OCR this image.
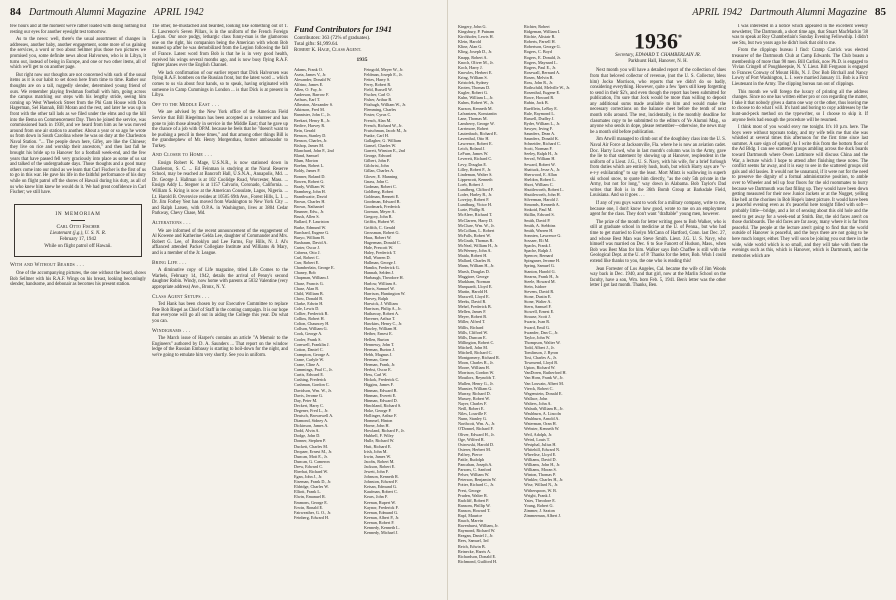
84 Dartmouth Alumni Magazine APRIL 1942

few hours and at the moment we're rather loaded with doing nothing but resting our eyes for another eyesight test tomorrow.

As to the news: well, there's the usual assortment of changes in addresses, another baby, another engagement, some more of us gaining the services, a word or two about Sellmer plus those two pictures we promised you, some definite news about Halvorsen, who is in Libya, it turns out, instead of being in Europe, and one or two other items, all of which we'll get to on another page.

But right now our thoughts are not concerned with such of the usual items as it is our habit to set down here from time to time. Rather our thoughts are on a tall, ruggedly slender, determined young friend of ours. We remember playing freshman football with him, going across the campus matching our steps with his lengthy stride, seeing him coming up West Wheelock Street from the Phi Gam House with Don Hagerman, Sel Hannah, Bill Moran and the rest, and later he was up in front with the other tall lads as we filed under the elms and up the hill into the Bema on Commencement Day. Then he joined the service, was commissioned back in 1938, and we heard from him as he was moved around from one air station to another. About a year or so ago he wrote us from down in South Carolina where he was on duty at the Charleston Naval Station. "... The people down here, Gifey, are like the Chinese; they live on rice and worship their ancestors," and then last fall he brought his bride up to Hanover for a football week-end, and the few years that have passed fell very graciously into place as some of us sat and talked of the undergraduate days. Those thoughts and a good many others come into our mind as we learn that Carl Fischer is the first of us to go in this war. He gave his life in the faithful performance of his duty while on flight patrol off the shores of Hawaii during his duty, as all of us who knew him knew he would do it. We had great confidence in Carl Fischer; we still have.

IN MEMORIAM
Carl Otto Fischer
Lieutenant (j.g.), U. S. N. R.
February 17, 1942
While on flight patrol off Hawaii.

With and Without Beards . . .

One of the accompanying pictures, the one without the beard, shows Bob Sellmer with his R.A.F. Wings on his breast, looking becomingly slender, handsome, and debonair as becomes his present station.

The other, be-mustached and bearded, looking like something out of T. E. Lawrence's Seven Pillars, is in the uniform of the French Foreign Legion. Our once pudgy, lethargic class funny-man is the glamorous one on the right, his companion being the American with whom Bob teamed up after he was demobilized from the Legion following the fall of France. Latest word from Bob is that he is in very good health, received his wings several months ago, and is now busy flying R.A.F. fighter planes over the English Channel.

We lack confirmation of our earlier report that Dick Halvorsen was flying R.A.F. bombers on the Russian front, but the latest word ... which comes to us via about four hands, so to speak, having originated with someone in Camp Cummings in London ... is that Dick is at present in Libya.

Off to the Middle East . . .

We are advised by the New York office of the American Field Service that Bill Riegelman has been accepted as a volunteer and has gone to join those already in service in the Middle East; that he gave up the chance of a job with OP.M. because he feels that he "doesn't want to be pushing a pencil in these times," and that among other things Bill is the grandnephew of Mr. Henry Morgenthau, former ambassador to Turkey.

And Closer to Home . . .

Ensign Robert K. Mage, U.S.N.R., is now stationed down in Charleston, S. C. ... Ed Feinman is studying at the Naval Reserve School, may be reached at Bancroft Hall, U.S.N.A., Annapolis, Md. ... Dr. George J. Hallman is at 102 Coolidge Road, Worcester, Mass. ... Ensign Addy L. Stegner is at 1157 Calvario, Coronado, California. ... William S. Kring is now at the American Consulate, Lagos, Nigeria. ... Lt. Harold B. Orvenvice resides at 10505 69th Ave., Forest Hills, L. I. ... Dr. Jim Forbey Yest has moved from Washington to New York City ... and Ralph Larsen, with O.P.A. in Washington, lives at 3804 Cedar Parkway, Chevy Chase, Md.

Alterations . . .

We are informed of the recent announcement of the engagement of Al Kowene and Katherine Gelda Lee, daughter of Commander and Mrs. Robert G. Lee, of Brooklyn and Lee Farms, Fay Hills, N. J. Al's affianced attended Packer Collegiate Institute and Williams & Mary, and is a member of the Jr. League.

Bring Life . . .

A diminutive copy of Life magazine, titled Life Comes to the Warbels, February 14, 1942, details the arrival of Penny's second daughter Robin. Windy, now home with parents at 5032 Valentine (very appropriate address) Ave., Bronx, N. Y.

Class Agent Setups . . .

Ted Hank has been chosen by our Executive Committee to replace Pete Bob Riegel as Chief of Staff in the coming campaign. It is our hope that everyone will go all out in aiding the College this year. Do what you can.

Windigrams . . .

The March issue of Harper's contains an article "A Memoir to the Engineers" authored by D. A. Saunders ... That report on the window ledge of the Russian Embassy is starting to boil-down for the night, and we're going to emulate him very shortly. See you in uniform.

Fund Contributors for 1941
Contributors: 363 (72% of graduates).
Total gifts: $1,999.64.
Robert K. Hage, Class Agent.
1935
Adams, Frank O.
Aseta, James V., Jr.
Alexander, Donald W.
Alfrino, James E.
Allen, O. Fay, Jr.
Anderson, Barrow F.
Arthurs, Earl T.
Albeaton, Alexander S.
Atkinson, Fred M.
Bannister, John C., Jr.
Beekart, Henry R., Jr.
Bedive, Harvey R.
Bein, Gerald
Benson, Stanley D.
Benson, Charles, Jr.
Bishop, James M.
Blanchard, John F., 2nd
Bland, Samuel
Blum, Morton
Boehm, Robert L.
Boldy, James F.
Bonner, Roland D.
Bowen, Robert G.
Brady, William W.
Bramberg, John H.
Branthwaite, David
Brown, Charles H.
Brown, Nathaniel
Brunner, Edw., Jr.
Brush, Allen S.
Bullard, F. Lauriston
Burke, Edmund W.
Burchard, Eugene G.
Buryo, William B.
Buxbaum, David A.
Carter, Oscar J.
Cabrera, Otto J.
Carl, Robert C.
Carr, Robert E.
Chamberlain, George E.
Chaney, Bob
Chapman, William J.
Chase, Francis G.
Chase, Alan B.
Child, William B.
Chow, Donald B.
Clarke, Edwin H.
Cole, Lewis D.
Collier, Frederick R.
Collins, Robert H.
Colton, Chauncey H.
Collson, William G.
Cook, George A.
Cooler, Frank S.
Cornwell, Franklin J.
Cotton, Daniel C.
Crampton, George A.
Crane, Carlyle W.
Crane, Cline A.
Cummings, Paul C., Jr.
Curtis, Edward E.
Cushing, Frederick
Cushman, Gordon C.
Davidson, Wm. W., Jr.
Davis, Jerome G.
Day, Peter M.
Deckert, Harry C.
Degener, Fred L., Jr.
Deutsch, Brownwell A.
Diamond, Sidney A.
Dickinson, James A.
Dodd, Alvin A.
Dodge, John D.
Donner, Stephen P.
Duckett, Charles M.
Dropaer, Ernest M., Jr.
Duncan, Mott E., Jr.
Duncan, G. Cameron
Drew, Edward C.
Eberhat, Richard W.
Egan, John J., Jr.
Eiseman, Frank D., Jr.
Eldridge, Charles W.
Elliott, Frank L.
Elwin, Emanuel R.
Emmons, George E.
Erwin, Ronald E.
Fairweather, G. O., Jr.
Feinberg, Edward H.
Feingold, Meyer W., Jr.
Feldman, Joseph E., Jr.
Fettes, Harry S.
Ferry, Robert R.
Field, Russell W.
Fischer, Carl O.
Fisher, Arthur B.
Fitzhugh, William W., Jr.
Flemming, Charles
Foster, Cyrus C.
French, Alan M.
French, Richard W., Jr.
Frutschman, Jacob M., Jr.
Funke, Carl H.
Gallagher, G. William
Gansel, Charles W.
Garrett, Winston E., 2nd
George, Edward
Gilbert, John F.
Gilchrist, John
Gillan, Charles A.
Glover, E. Manning
Gnass, John C.
Godman, Robert C.
Goldberg, Robert
Goldman, Bennett E.
Goodman, Edward B.
Goodmark, Frederick
Gorman, Meyer A.
Gregory, John R.
Griffin, Hubert W.
Griffith, C. Gerald
Grossman, Robert G.
Haas, Robert W.
Hagerman, Donald C.
Hale, Prescott W.
Haley, Frederick T.
Hall, Warren D.
Hallman, George J.
Hamlin, Frederick G.
Hannah, Selden J.
Harbaugh, Theodore H.
Harlow, William A.
Harris, Samuel W.
Harrison, Huntington W.
Harvey, Ralph
Harwick, J. William
Harrison, Philip A., Jr.
Hathaway, Robert A.
Havener, Arthur T.
Hawkins, Henry C., Jr.
Hawley, William H.
Heiber, Ernest E.
Hellen, Burton
Hennessy, John T.
Herman, Burton J.
Hebb, Magnus J.
Herman, Gene
Herman, Frank, Jr.
Herbst, Oscar E.
Hess, Carl W.
Hickok, Frederick C.
Higgins, James F.
Hinman, Edward B.
Hinman, Everett E.
Hinman, Edward D.
Hinchland, Richard S.
Hoke, George P.
Hollinger, Arthur F.
Hommel, Hinton
Horne, John H.
Howland, Richard F., Jr.
Hubbell, F. Wiley
Hulle, Richard W.
Hutt, Richard E.
Irish, John M.
Irwin, James W.
Jacobs, Robert M.
Jackson, Robert E.
Jewett, John F.
Johnson, Kenneth R.
Johnston, Edward F.
Keisan, Edmund G.
Kaufman, Robert C.
Kears, John F.
Keenan, Rupert W.
Kaynor, Frederick F.
Keenan, Edmund G.
Keenan, Albert P., Jr.
Keenan, Robert F.
Kennedy, Kenneth L.
Kennedy, Michael J.
APRIL 1942 Dartmouth Alumni Magazine 85
Kingery, John G.
Kingsbury, P. Putnam
Kirchhofer, Lewis H.
Klein, Harold
Kline, Alan G.
Kling, Joseph D., Jr.
Knapp, Robert A.
Knoch, Oliver M., Jr.
Koch, Harry J.
Knowles, Herbert E.
Kring, William S.
Kristofek, Sydney
Kroten, Thomas D.
Kugler, Robert G.
Kuhn, William L., Jr.
Kuhns, Robert W., Jr.
Kurzon, Kenneth M.
Lafrantzen, Konstantin
Lane, Thomas M.
Lansberry, George W.
Larrimore, Robert
Lautenbach, Richard E.
Laventhal, Otto H.
Lawrence, Robert E.
Leich, Roland J.
LeFurn, James W.
Leverett, Richard C.
Levy, Douglas E.
Lilley, Robert F., Jr.
Lindeman, Walter S.
Lippencott, Kenneth
Loeb, Robert J.
Lundberg, Clifford F.
Loder, Harley B., Jr.
Lovejoy, Robert F.
Lundburg, Victor H.
Lurie, Phillip R.
McAleer, Richard T.
McClarren, Harry D.
McClure, Wm. W., Jr.
McCollum, L. Robert
McFalls, Robert W.
McGrath, Thomas R.
McNeal, William H., Jr.
McWeeney, John A.
Maida, Robert H.
Mallard, Charles B.
Mann, William H., Jr.
Marsh, Douglas D.
Maggiore, George
Markham, Norman
Marquardt, Lloyd E.
Martin, Harold H.
Maxwell, Lloyd E.
Meeks, David R.
Mehel, Frederick B.
Mellen, James F.
Meyer, Robert B.
Miller, Alfred T.
Millis, Richard
Mills, Clifford W.
Mills, Duncan E.
Millington, Robert C.
Mitchell, John M.
Mitchell, Richard C.
Montgomery, Richard R.
Moon, Charles R., Jr.
Moore, William H.
Morrison, Gordon W.
Mouilors, Reynolds T.
Mullen, Henry G., Jr.
Munster, William G.
Murray, Richard D.
Mussey, Robert W.
Nayer, Charles F.
Neill, Robert E.
Niles, Louville F.
Nunn, Stanley G.
Northcott, Wm. A., Jr.
O'Donnel, Richard F.
Oliver, Edward H., Jr.
Oge, Wilfred R.
Ostrowski, Harold D.
Osterer, Herbert M.
Palfrey, Pierce
Pattle, Rudolph
Pancahan, Joseph A.
Parsons, C. Sanford
Pelser, William W.
Peterson, Benjamin W.
Potter, Richard C., Jr.
Prest, George
Pruden, Walter R.
Radcliff, Robert P.
Ransom, Phillip W.
Ranson, Howard T.
Rapf, Maurice
Rauch, Marvin
Ravenhurst, William, Jr.
Raymond, Richard W.
Reagan, Daniel J., Jr.
Rees, Samuel, 3rd
Reich, Edwin B.
Reinecke, Harris A.
Richardson, Donald E.
Richmond, Guilford H.
Richter, Robert
Ridgeman, William I.
Ritchie, Alistair R.
Roberts, Parsell H.
Robertson, George G.
Rogers, C. Boyd
Rogers, E. Donald, Jr.
Rogers, Maynard L.
Rogers, Paul E., Jr.
Rosewall, Bernard A.
Rosen, Melvin R.
Ross, John R., Jr.
Rothschild, Melville W., Jr.
Rosenthal, Eugene E.
Rowe, Howard R.
Rubin, Jack B.
Ruefflein, LeRoy E.
Rule, Raymond L.
Russell, Dudley J.
Ryder, William L., Jr.
Sawyer, Irving F.
Saunders, Dean A.
Saunders, Donald K.
Schneider, Richard C.
Scott, Norman F.
Seeley, Ralph H., Jr.
Serval, William H.
Seward, Robert W.
Shattuck, Jesse A., Jr.
Sherwood, E. Allan
Sheldon, Robert L.
Short, William C.
Shuttleworth, Robert L.
Shuttleworth, John H.
Silverman, Harold J.
Simonds, Kenneth A.
Sinkoid, Paul M.
Skillin, Edward S.
Smith, David P.
Smith, A. Stebbins
Smith, Warren H.
Sonnien, Lawrence G.
Sossaer, Eli M.
Spachs, Frank J.
Spache, Ralph J.
Spencer, Bernard
Spinganer, Jerome H.
Spring, Samuel G.
Stanton, Harold G.
Stearns, Frank H., Jr.
Steele, Howard M.
Stein, Isidore
Stevens, David R.
Stone, Dustin E.
Stone, Walter A.
Stern, Samuel F.
Stowell, Ernest E.
Strause, Scott J.
Swartz, Ivan R.
Sward, Emil G.
Swander, Dan C., Jr.
Taylor, John W.
Thompson, Walter W.
Todd, Albert J., Jr.
Tomlinson, J. Byron
Tosi, Charles A., Jr.
Townsend, Lloyd B.
Upton, Richard W.
VanDoren, Rutherford H.
Van Horn, Frank W., Jr.
Van Louvain, Albert M.
Vierck, Robert C.
Wagenstein, Donald E.
Wallace, John
Walters, John A.
Walrath, William B., Jr.
Washburn, A. Lincoln
Washburn, Arnold A.
Waterman, Oran H.
Webster, Kenneth W.
Weil, Adolph, Jr.
Weird, Louis T.
Westphal, Julius H.
Whitehill, Edward N.
Wheelise, Lloyd E.
Williams, David D.
Williams, John H., Jr.
Williams, Moran S.
Winton, Thomas P.
Winkler, Charles H., Jr.
Wise, Willard N., Jr.
Witherspoon, W. B.
Wright, Frank J.
Yates, Theodore E.
Young, Robert G.
Zimmer, J. Saxton
Zimmerman, Albert J.
1936*
Secretary, EDWARD T. CHAMBERLAIN JR.
Parkhurst Hall, Hanover, N. H.

Next month you will have a detailed report of the collection of dues from that beloved collector of revenue, (not the U. S. Collector, bless him) Jocko Morrison, who reports that we didn't do so badly, considering everything. However, quite a few 'ipers still keep forgetting to send in their $2's, and even though the report has been submitted for publication, I'm sure that Jock would be more than willing to deposit any additional sums made available to him and would make the necessary corrections on the balance sheet before the tenth of next month rolls around. The rest, incidentally, is the monthly deadline for classmates copy to be submitted to the editors of Ye Alumni Mag., so anyone who sends in dope, please remember—otherwise, the news may be a month old before publication.

Jim Atwill managed to climb out of the doughboy class into the U. S. Naval Air Force at Jacksonville, Fla. where he is now an aviation cadet. Doc. Harry Lowd, who in last month's column was in the Army, gave the lie to that statement by showing up at Hanover, resplendent in the uniform of a Lieut. J.G., U. S. Navy, with his wife, for a brief furlough from duties which are entirely hush, hush, but which Harry says are "v-e-r-y exhilarating" to say the least. Mort Mintz is wallowing in superb ski school snow, to quote him directly, "as the only 5th private in the Army, but not for long," way down in Alabama. Bob Taylor's Dad writes that Bob is in the 36th Bomb Group at Barksdale Field, Louisiana. And so it goes . . .

If any of you guys want to work for a military company, write to me, because one, I don't know how good, wrote to me on an employment agent for the class. They don't want "draftable" young men, however.

The prize of the month for letter writing goes to Bob Walker, who is still at graduate school in medicine at the U. of Penna., but who had time to get married to Evelyn McCann of Hartford, Conn. last Dec. 27, and whose Best Man was Steve Smith. Lieut. J.G. U. S. Navy, who himself was married on Dec. 6 to Sue Fancett of Hudson, Mass., when Bob was Best Man for him. Walker says Bob Chaffee is still with the Geological Dept. at the U. of P. Thanks for the letter, Bob. Wish I could extend like thanks to you, the one who is reading this!

Jean Forrester of Los Angeles, Cal. became the wife of Jim Woods way back in Dec. 1940, and that girl, now at the Marlin School on the faculty, have a son, Wm. born Feb. 5, 1941. Ben's letter was the other letter I got last month. Thanks, Ben.

I was interested in a notice which appeared in the excellent weekly newsletter, The Dartmouth, a short time ago, that Stuart MacMackin '38 was to speak at Roy Chamberlain's Sunday Evening Fellowship. I didn't see Stu, but two years ago he didn't look that old to me.

From the clippings bureau I find: Cramp Carrick was elected treasurer of the Dartmouth Club at Camp Edwards. The Club boasts a membership of more than 90 men. Bill Carlisk, now Ph.D. is engaged to Vivian Cringell of Poughkeepsie, N. Y. Lieut. Bill Ferguson is engaged to Frances Conway of Mount Hills, N. J. Doc Bob Birchall and Nancy Lowry of Port Washington, L. I. were married January 11. Bob is a First Lieutenant in the Army. The clipping bureau ran out of clippings.

This month we will forego the luxury of printing all the address changes. Since no one has written either pro or con regarding the matter, I take it that nobody gives a damn one way or the other, thus leaving me to choose to do what I will. It's hard and boring to copy addresses by the hunt-and-peck method on the typewriter, so I choose to skip it. If anyone feels bad enough the procedure will be resumed.

I think most of you would envy me tonight. It's 10 p.m. here. The boys were without topcoats today, and my wife tells me that she was whistled at several times this afternoon for the first time since last summer. A sure sign of spring! As I write this from the bottom floor of the Ad Bldg. I can see scattered groups ambling across the duck boards toward Dartmouth where Owen Lattimore will discuss China and the War, a lecture which I hope to attend after finishing these notes. The conflict seems far away, and it is easy to see in the scattered groups old gals and old lassies. It would not be unnatural, if it were not for the need to preserve the dignity of a formal administrative position, to amble over to Wheeler and tell up four floors for the old roommates to hurry because we Dartmouth was fast filling up. They would have been down getting measured for their new Junior Jackets or at the Nugget, yelling like hell at the chorines in Bob Hope's latest picture. It would have been a peaceful evening even as it's peaceful here tonight filled with soft—probably little—bridge, and a lot of sensing about this old hole and the need to get away for a week-end at Smith. But, the old faces aren't on those duckboards. The old faces are far away, many where it is far from peaceful. The people at the lecture aren't going to find that the world outside of Hanover is peaceful, and the boys there are not going to be here much longer, either. They will soon be joining you out there in the wide, wide world which is so small, and they will take with them the evenings such as this, which is Hanover, which is Dartmouth, and the memories which are
